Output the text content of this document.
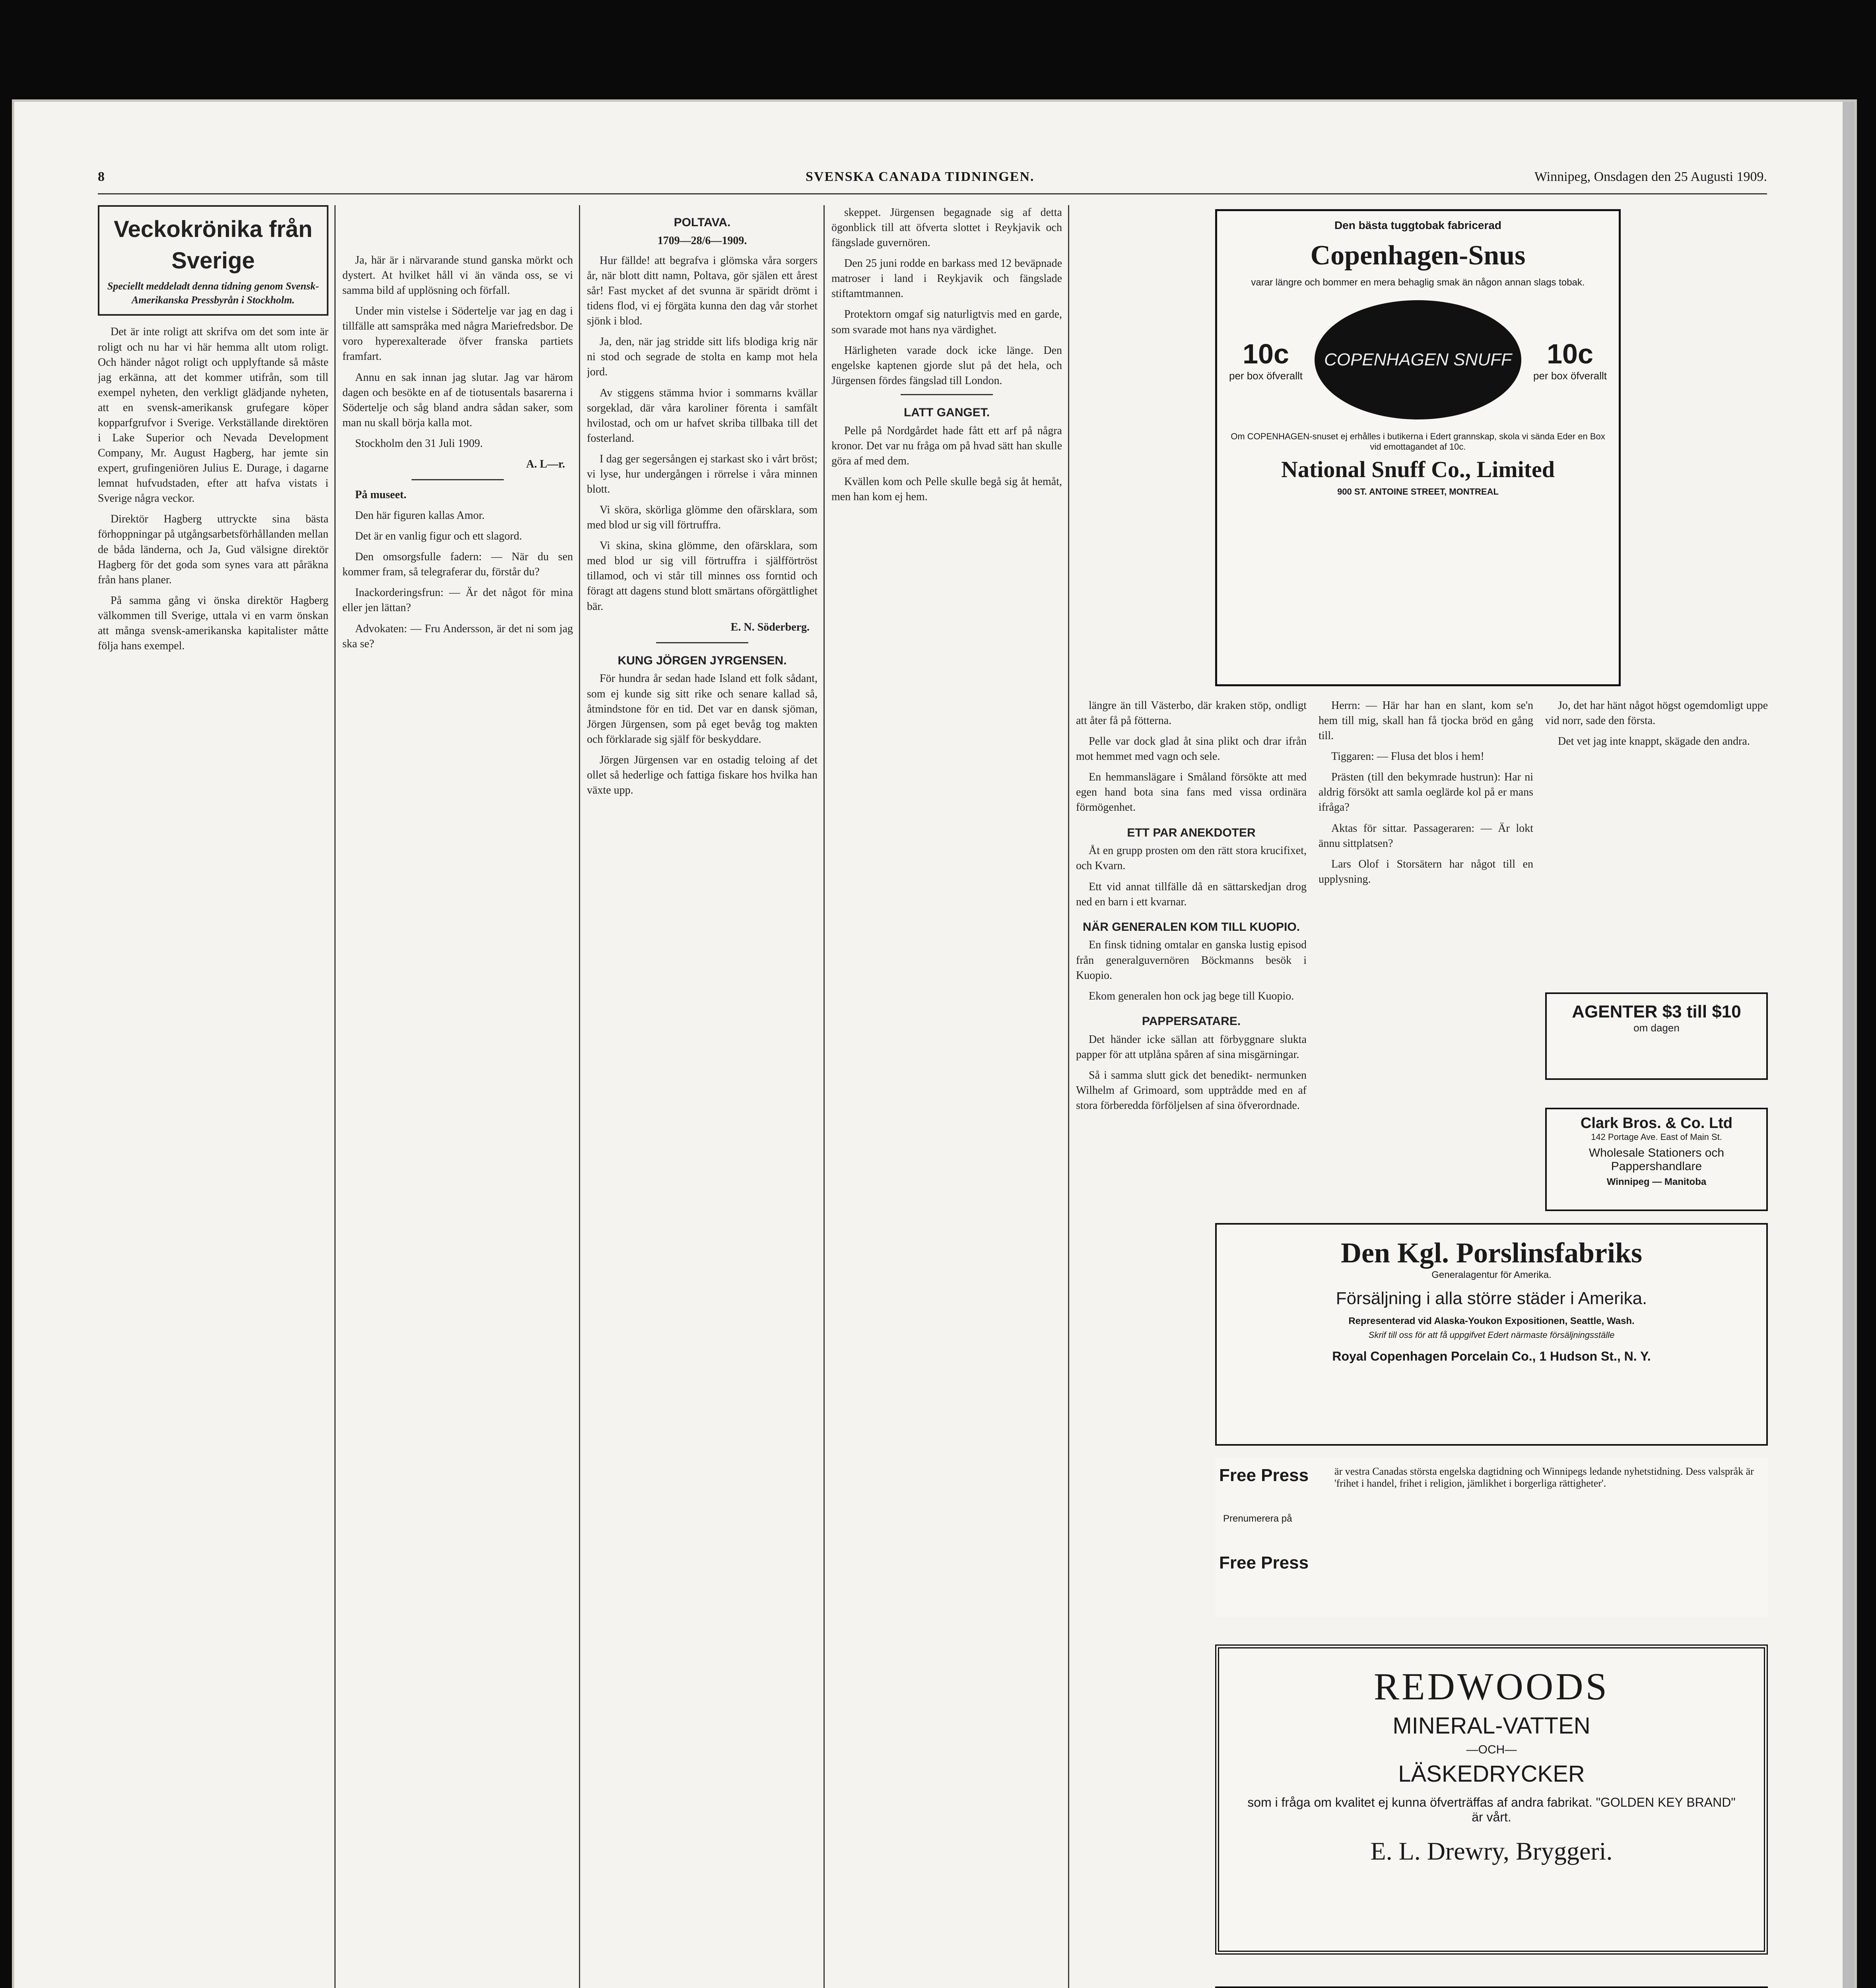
8	SVENSKA CANADA TIDNINGEN.	Winnipeg, Onsdagen den 25 Augusti 1909.
Veckokrönika från Sverige
Speciellt meddeladt denna tidning genom Svensk-Amerikanska Pressbyrån i Stockholm.

Det är inte roligt att skrifva om det som inte är roligt och nu har vi här hemma allt utom roligt. Och händer något roligt och upplyftande så måste jag erkänna, att det kommer utifrån, som till exempel nyheten, den verkligt glädjande nyheten, att en svensk-amerikansk grufegare köper kopparfgrufvor i Sverige. Verkställande direktören i Lake Superior och Nevada Development Company, Mr. August Hagberg, har jemte sin expert, grufingeniören Julius E. Durage, i dagarne lemnat hufvudstaden, efter att hafva vistats i Sverige några veckor.

Direktör Hagberg uttryckte sina bästa förhoppningar på utgångsarbetsförhållanden mellan de båda länderna, och Ja, Gud välsigne direktör Hagberg för det goda som synes vara att påräkna från hans planer.

På samma gång vi önska direktör Hagberg välkommen till Sverige, uttala vi en varm önskan att många svensk-amerikanska kapitalister måtte följa hans exempel.

Ja, här är i närvarande stund ganska mörkt och dystert. At hvilket håll vi än vända oss, se vi samma bild af upplösning och förfall.

Under min vistelse i Södertelje var jag en dag i tillfälle att samspråka med några Mariefredsbor. De voro hyperexalterade öfver franska partiets framfart.

Annu en sak innan jag slutar. Jag var härom dagen och besökte en af de tiotusentals basarerna i Södertelje och såg bland andra sådan saker, som man nu skall börja kalla mot.

Stockholm den 31 Juli 1909.

A. L—r.

På museet.

Den här figuren kallas Amor.

Det är en vanlig figur och ett slagord.

Den omsorgsfulle fadern: — När du sen kommer fram, så telegraferar du, förstår du?

Inackorderingsfrun: — Är det något för mina eller jen lättan?

Advokaten: — Fru Andersson, är det ni som jag ska se?

POLTAVA.
1709—28/6—1909.

Hur fällde! att begrafva i glömska våra sorgers år, när blott ditt namn, Poltava, gör själen ett årest sår! Fast mycket af det svunna är späridt drömt i tidens flod, vi ej förgäta kunna den dag vår storhet sjönk i blod.

Ja, den, när jag stridde sitt lifs blodiga krig när ni stod och segrade de stolta en kamp mot hela jord.

Av stiggens stämma hvior i sommarns kvällar sorgeklad, där våra karoliner förenta i samfält hvilostad, och om ur hafvet skriba tillbaka till det fosterland.

I dag ger segersången ej starkast sko i vårt bröst; vi lyse, hur undergången i rörrelse i våra minnen blott.

Vi sköra, skörliga glömme den ofärsklara, som med blod ur sig vill förtruffra.

Vi skina, skina glömme, den ofärsklara, som med blod ur sig vill förtruffra i själfförtröst tillamod, och vi står till minnes oss forntid och föragt att dagens stund blott smärtans oförgättlighet bär.

E. N. Söderberg.
KUNG JÖRGEN JYRGENSEN.

För hundra år sedan hade Island ett folk sådant, som ej kunde sig sitt rike och senare kallad så, åtmindstone för en tid. Det var en dansk sjöman, Jörgen Jürgensen, som på eget bevåg tog makten och förklarade sig själf för beskyddare.

Jörgen Jürgensen var en ostadig teloing af det ollet så hederlige och fattiga fiskare hos hvilka han växte upp.

skeppet. Jürgensen begagnade sig af detta ögonblick till att öfverta slottet i Reykjavik och fängslade guvernören.

Den 25 juni rodde en barkass med 12 beväpnade matroser i land i Reykjavik och fängslade stiftamtmannen.

Protektorn omgaf sig naturligtvis med en garde, som svarade mot hans nya värdighet.

Härligheten varade dock icke länge. Den engelske kaptenen gjorde slut på det hela, och Jürgensen fördes fängslad till London.

LATT GANGET.

Pelle på Nordgårdet hade fått ett arf på några kronor. Det var nu fråga om på hvad sätt han skulle göra af med dem.

Kvällen kom och Pelle skulle begå sig åt hemåt, men han kom ej hem.

längre än till Västerbo, där kraken stöp, ondligt att åter få på fötterna.

Pelle var dock glad åt sina plikt och drar ifrån mot hemmet med vagn och sele.

En hemmanslägare i Småland försökte att med egen hand bota sina fans med vissa ordinära förmögenhet.

ETT PAR ANEKDOTER

Åt en grupp prosten om den rätt stora krucifixet, och Kvarn.

Ett vid annat tillfälle då en sättarskedjan drog ned en barn i ett kvarnar.

NÄR GENERALEN KOM TILL KUOPIO.

En finsk tidning omtalar en ganska lustig episod från generalguvernören Böckmanns besök i Kuopio.

Ekom generalen hon ock jag bege till Kuopio.

PAPPERSATARE.

Det händer icke sällan att förbyggnare slukta papper för att utplåna spåren af sina misgärningar.

Så i samma slutt gick det benedikt- nermunken Wilhelm af Grimoard, som upptrådde med en af stora förberedda förföljelsen af sina öfverordnade.

Herrn: — Här har han en slant, kom se'n hem till mig, skall han få tjocka bröd en gång till.

Tiggaren: — Flusa det blos i hem!

Prästen (till den bekymrade hustrun): Har ni aldrig försökt att samla oeglärde kol på er mans ifråga?

Aktas för sittar. Passageraren: — Är lokt ännu sittplatsen?

Lars Olof i Storsätern har något till en upplysning.

Jo, det har hänt något högst ogemdomligt uppe vid norr, sade den första.

Det vet jag inte knappt, skägade den andra.

Den bästa tuggtobak fabricerad
Copenhagen-Snus
varar längre och bommer en mera behaglig smak än någon annan slags tobak.
10c
per box öfverallt
COPENHAGEN SNUFF	10c
per box öfverallt
Om COPENHAGEN-snuset ej erhålles i butikerna i Edert grannskap, skola vi sända Eder en Box vid emottagandet af 10c.
National Snuff Co., Limited
900 ST. ANTOINE STREET, MONTREAL
AGENTER $3 till $10
om dagen
Clark Bros. & Co. Ltd
142 Portage Ave. East of Main St.
Wholesale Stationers och Pappershandlare
Winnipeg — Manitoba
Den Kgl. Porslinsfabriks
Generalagentur för Amerika.
Försäljning i alla större städer i Amerika.
Representerad vid Alaska-Youkon Expositionen, Seattle, Wash.
Skrif till oss för att få uppgifvet Edert närmaste försäljningsställe
Royal Copenhagen Porcelain Co., 1 Hudson St., N. Y.
Free Press
Prenumerera på
Free Press
är vestra Canadas största engelska dagtidning och Winnipegs ledande nyhetstidning. Dess valspråk är 'frihet i handel, frihet i religion, jämlikhet i borgerliga rättigheter'.
REDWOODS
MINERAL-VATTEN
—OCH—
LÄSKEDRYCKER
som i fråga om kvalitet ej kunna öfverträffas af andra fabrikat. "GOLDEN KEY BRAND" är vårt.
E. L. Drewry, Bryggeri.
